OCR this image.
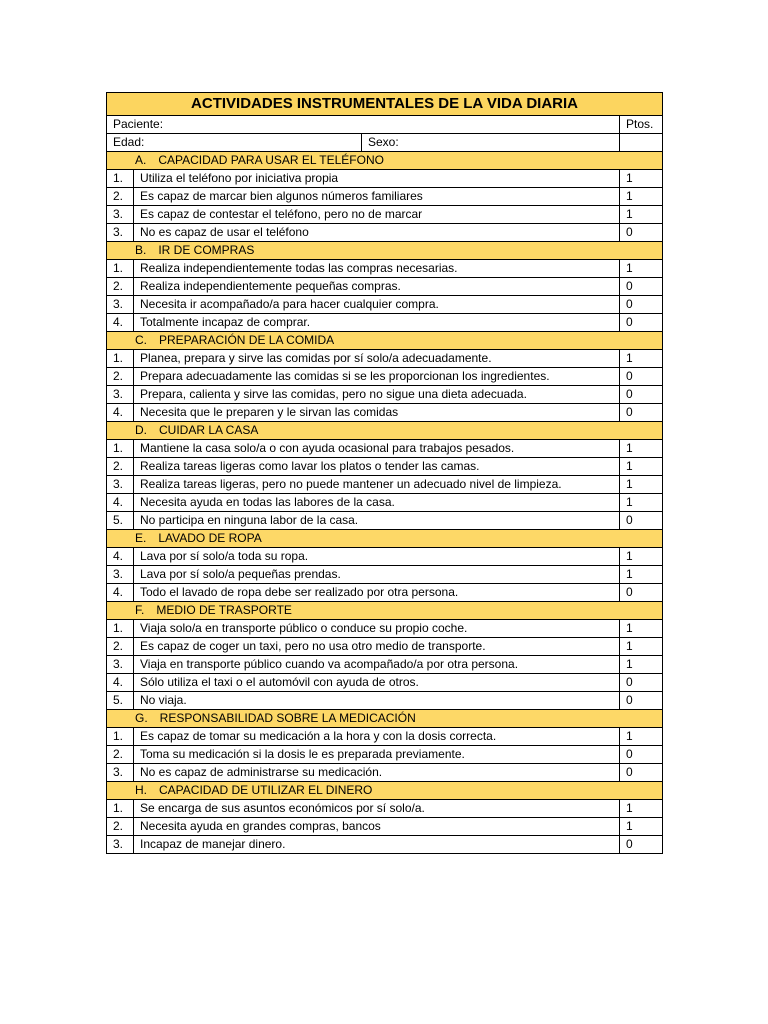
ACTIVIDADES INSTRUMENTALES DE LA VIDA DIARIA			
Paciente:			Ptos.
Edad:		Sexo:	
A. CAPACIDAD PARA USAR EL TELÉFONO			
1.	Utiliza el teléfono por iniciativa propia		1
2.	Es capaz de marcar bien algunos números familiares		1
3.	Es capaz de contestar el teléfono, pero no de marcar		1
3.	No es capaz de usar el teléfono		0
B. IR DE COMPRAS			
1.	Realiza independientemente todas las compras necesarias.		1
2.	Realiza independientemente pequeñas compras.		0
3.	Necesita ir acompañado/a para hacer cualquier compra.		0
4.	Totalmente incapaz de comprar.		0
C. PREPARACIÓN DE LA COMIDA			
1.	Planea, prepara y sirve las comidas por sí solo/a adecuadamente.		1
2.	Prepara adecuadamente las comidas si se les proporcionan los ingredientes.		0
3.	Prepara, calienta y sirve las comidas, pero no sigue una dieta adecuada.		0
4.	Necesita que le preparen y le sirvan las comidas		0
D. CUIDAR LA CASA			
1.	Mantiene la casa solo/a o con ayuda ocasional para trabajos pesados.		1
2.	Realiza tareas ligeras como lavar los platos o tender las camas.		1
3.	Realiza tareas ligeras, pero no puede mantener un adecuado nivel de limpieza.		1
4.	Necesita ayuda en todas las labores de la casa.		1
5.	No participa en ninguna labor de la casa.		0
E. LAVADO DE ROPA			
4.	Lava por sí solo/a toda su ropa.		1
3.	Lava por sí solo/a pequeñas prendas.		1
4.	Todo el lavado de ropa debe ser realizado por otra persona.		0
F. MEDIO DE TRASPORTE			
1.	Viaja solo/a en transporte público o conduce su propio coche.		1
2.	Es capaz de coger un taxi, pero no usa otro medio de transporte.		1
3.	Viaja en transporte público cuando va acompañado/a por otra persona.		1
4.	Sólo utiliza el taxi o el automóvil con ayuda de otros.		0
5.	No viaja.		0
G. RESPONSABILIDAD SOBRE LA MEDICACIÓN			
1.	Es capaz de tomar su medicación a la hora y con la dosis correcta.		1
2.	Toma su medicación si la dosis le es preparada previamente.		0
3.	No es capaz de administrarse su medicación.		0
H. CAPACIDAD DE UTILIZAR EL DINERO			
1.	Se encarga de sus asuntos económicos por sí solo/a.		1
2.	Necesita ayuda en grandes compras, bancos		1
3.	Incapaz de manejar dinero.		0
